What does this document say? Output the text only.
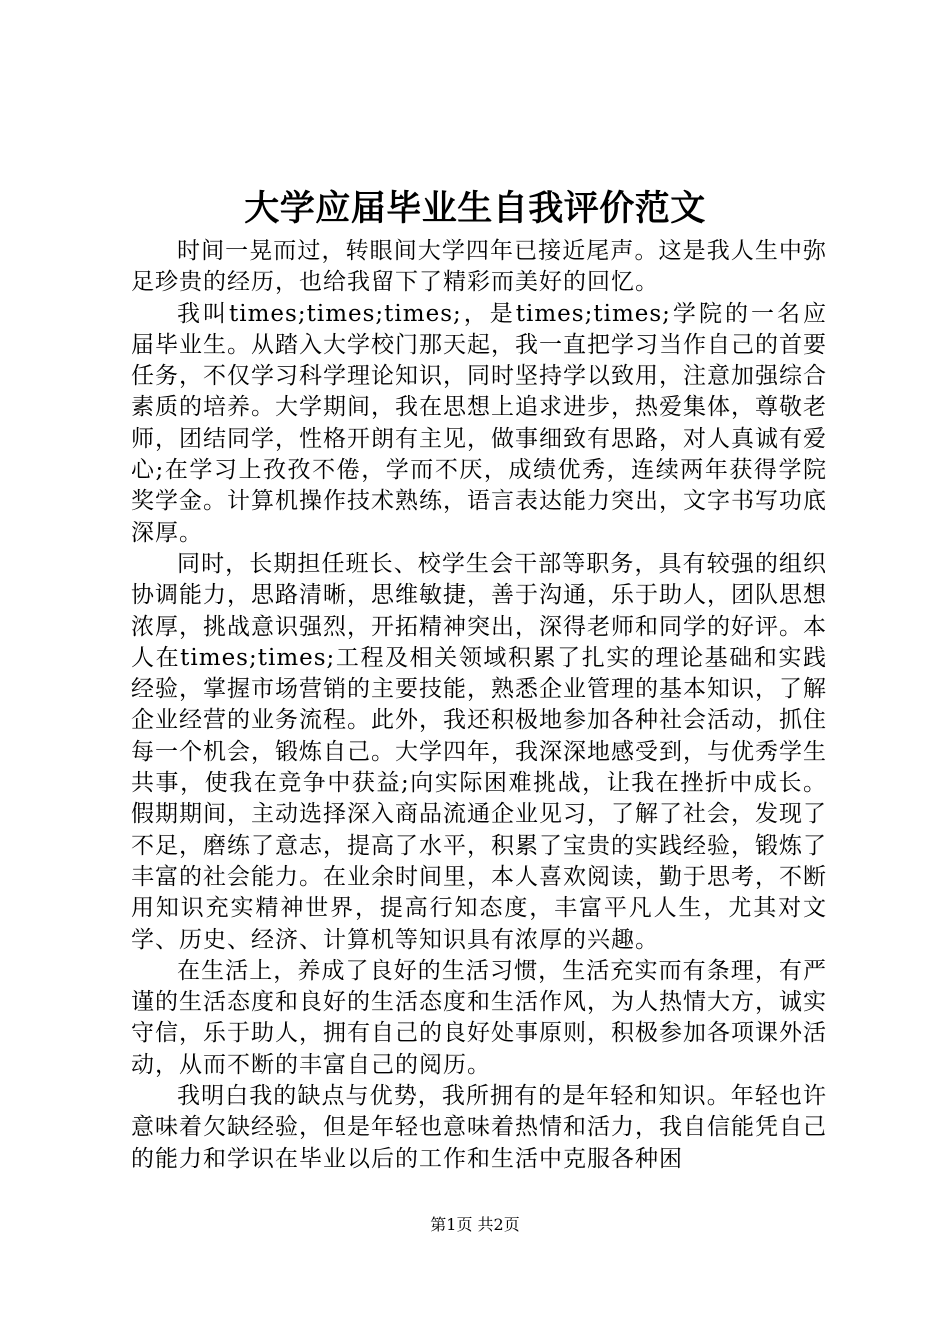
大学应届毕业生自我评价范文

时间一晃而过，转眼间大学四年已接近尾声。这是我人生中弥足珍贵的经历，也给我留下了精彩而美好的回忆。

我叫times;times;times;，是times;times;学院的一名应届毕业生。从踏入大学校门那天起，我一直把学习当作自己的首要任务，不仅学习科学理论知识，同时坚持学以致用，注意加强综合素质的培养。大学期间，我在思想上追求进步，热爱集体，尊敬老师，团结同学，性格开朗有主见，做事细致有思路，对人真诚有爱心;在学习上孜孜不倦，学而不厌，成绩优秀，连续两年获得学院奖学金。计算机操作技术熟练，语言表达能力突出，文字书写功底深厚。

同时，长期担任班长、校学生会干部等职务，具有较强的组织协调能力，思路清晰，思维敏捷，善于沟通，乐于助人，团队思想浓厚，挑战意识强烈，开拓精神突出，深得老师和同学的好评。本人在times;times;工程及相关领域积累了扎实的理论基础和实践经验，掌握市场营销的主要技能，熟悉企业管理的基本知识，了解企业经营的业务流程。此外，我还积极地参加各种社会活动，抓住每一个机会，锻炼自己。大学四年，我深深地感受到，与优秀学生共事，使我在竞争中获益;向实际困难挑战，让我在挫折中成长。假期期间，主动选择深入商品流通企业见习，了解了社会，发现了不足，磨练了意志，提高了水平，积累了宝贵的实践经验，锻炼了丰富的社会能力。在业余时间里，本人喜欢阅读，勤于思考，不断用知识充实精神世界，提高行知态度，丰富平凡人生，尤其对文学、历史、经济、计算机等知识具有浓厚的兴趣。

在生活上，养成了良好的生活习惯，生活充实而有条理，有严谨的生活态度和良好的生活态度和生活作风，为人热情大方，诚实守信，乐于助人，拥有自己的良好处事原则，积极参加各项课外活动，从而不断的丰富自己的阅历。

我明白我的缺点与优势，我所拥有的是年轻和知识。年轻也许意味着欠缺经验，但是年轻也意味着热情和活力，我自信能凭自己的能力和学识在毕业以后的工作和生活中克服各种困

第1页 共2页
